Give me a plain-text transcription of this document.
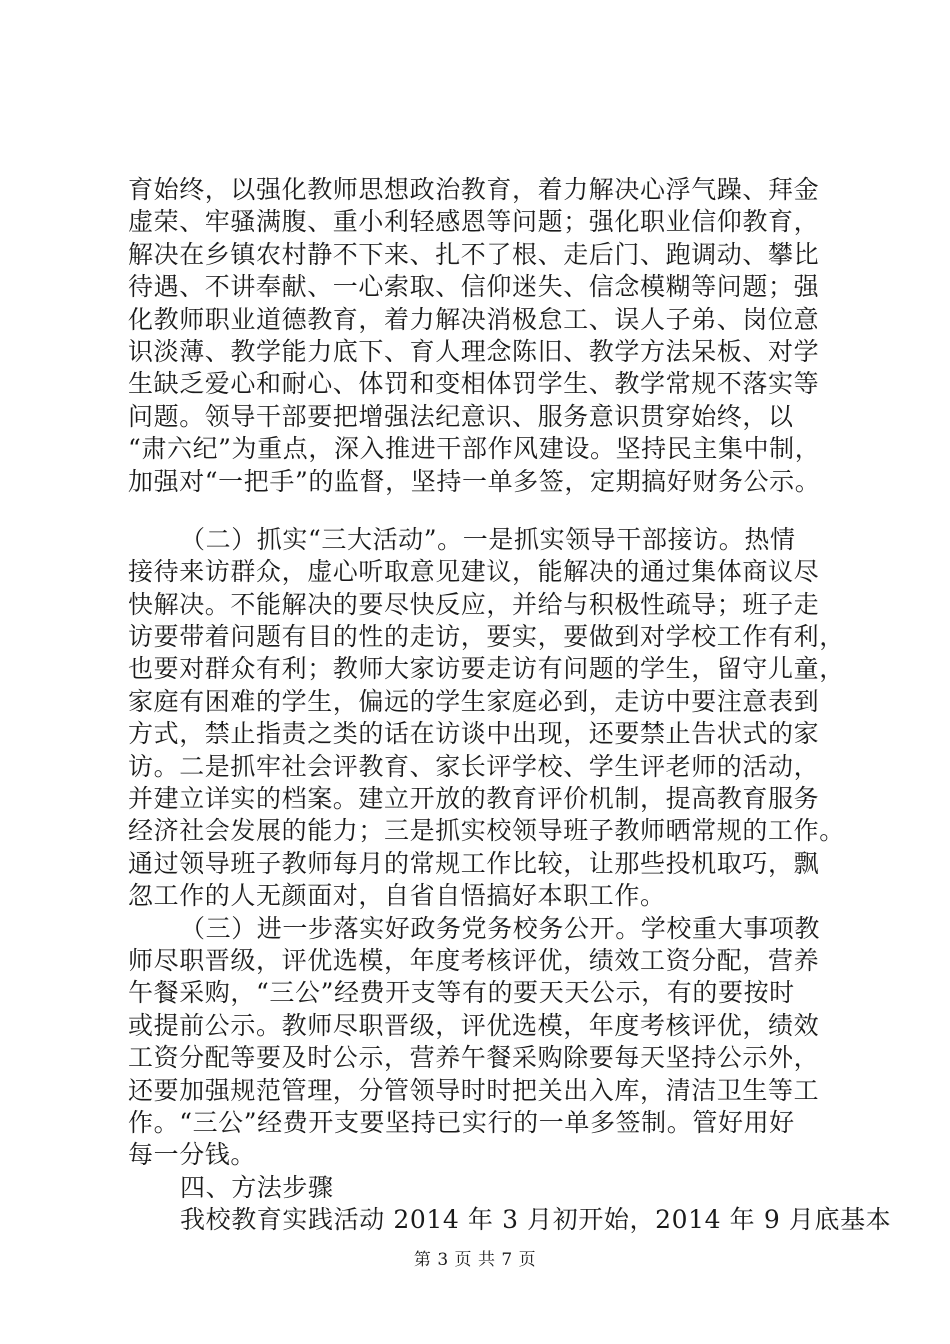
育始终，以强化教师思想政治教育，着力解决心浮气躁、拜金
虚荣、牢骚满腹、重小利轻感恩等问题；强化职业信仰教育，
解决在乡镇农村静不下来、扎不了根、走后门、跑调动、攀比
待遇、不讲奉献、一心索取、信仰迷失、信念模糊等问题；强
化教师职业道德教育，着力解决消极怠工、误人子弟、岗位意
识淡薄、教学能力底下、育人理念陈旧、教学方法呆板、对学
生缺乏爱心和耐心、体罚和变相体罚学生、教学常规不落实等
问题。领导干部要把增强法纪意识、服务意识贯穿始终，以
“肃六纪”为重点，深入推进干部作风建设。坚持民主集中制，
加强对“一把手”的监督，坚持一单多签，定期搞好财务公示。
（二）抓实“三大活动”。一是抓实领导干部接访。热情
接待来访群众，虚心听取意见建议，能解决的通过集体商议尽
快解决。不能解决的要尽快反应，并给与积极性疏导；班子走
访要带着问题有目的性的走访，要实，要做到对学校工作有利，
也要对群众有利；教师大家访要走访有问题的学生，留守儿童，
家庭有困难的学生，偏远的学生家庭必到，走访中要注意表到
方式，禁止指责之类的话在访谈中出现，还要禁止告状式的家
访。二是抓牢社会评教育、家长评学校、学生评老师的活动，
并建立详实的档案。建立开放的教育评价机制，提高教育服务
经济社会发展的能力；三是抓实校领导班子教师晒常规的工作。
通过领导班子教师每月的常规工作比较，让那些投机取巧，飘
忽工作的人无颜面对，自省自悟搞好本职工作。
（三）进一步落实好政务党务校务公开。学校重大事项教
师尽职晋级，评优选模，年度考核评优，绩效工资分配，营养
午餐采购，“三公”经费开支等有的要天天公示，有的要按时
或提前公示。教师尽职晋级，评优选模，年度考核评优，绩效
工资分配等要及时公示，营养午餐采购除要每天坚持公示外，
还要加强规范管理，分管领导时时把关出入库，清洁卫生等工
作。“三公”经费开支要坚持已实行的一单多签制。管好用好
每一分钱。
四、方法步骤
我校教育实践活动 2014 年 3 月初开始，2014 年 9 月底基本
第 3 页 共 7 页
